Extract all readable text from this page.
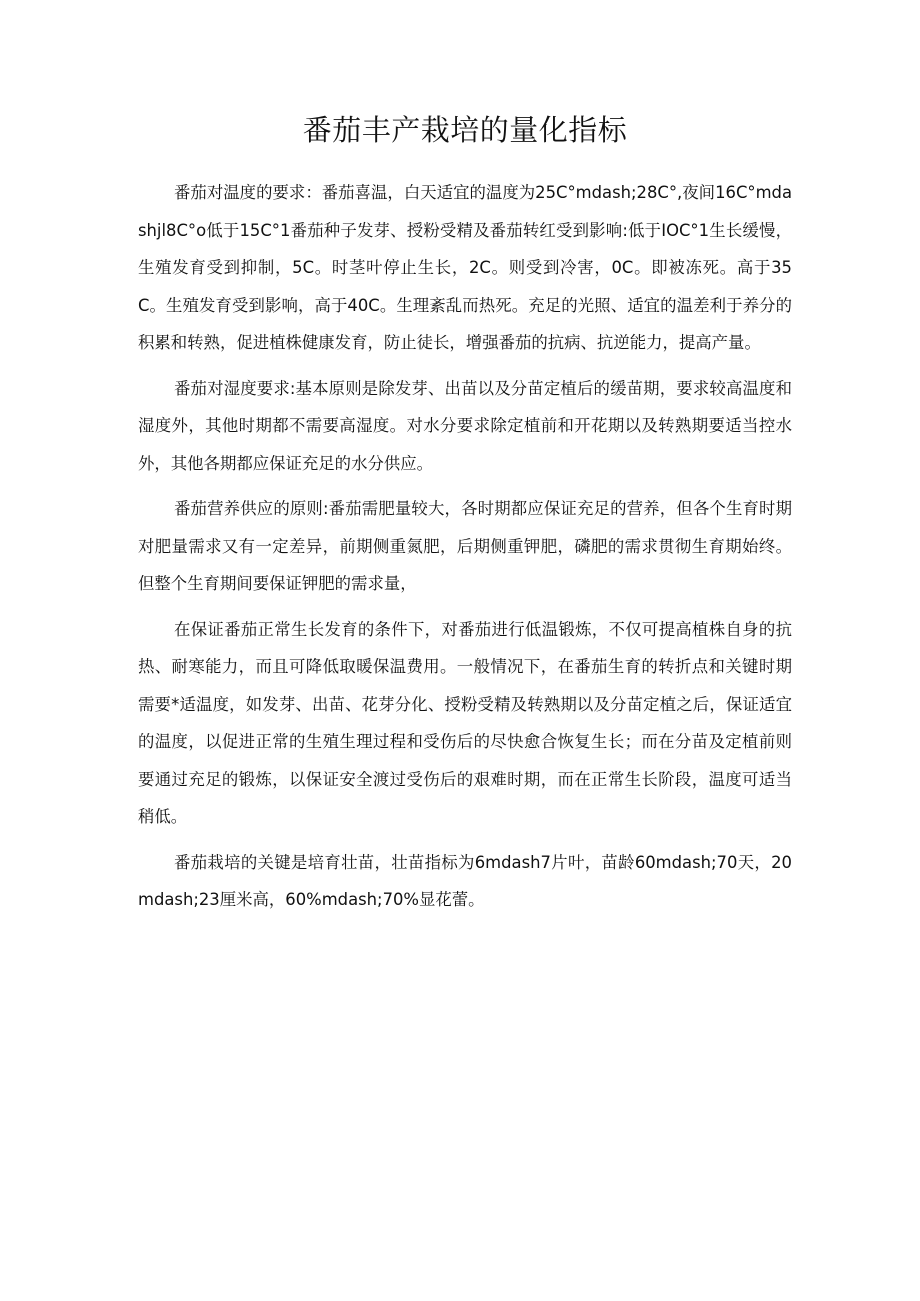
番茄丰产栽培的量化指标

番茄对温度的要求：番茄喜温，白天适宜的温度为25C°mdash;28C°,夜间16C°mdashjl8C°o低于15C°1番茄种子发芽、授粉受精及番茄转红受到影响:低于IOC°1生长缓慢，生殖发育受到抑制，5C。时茎叶停止生长，2C。则受到冷害，0C。即被冻死。高于35C。生殖发育受到影响，高于40C。生理紊乱而热死。充足的光照、适宜的温差利于养分的积累和转熟，促进植株健康发育，防止徒长，增强番茄的抗病、抗逆能力，提高产量。

番茄对湿度要求:基本原则是除发芽、出苗以及分苗定植后的缓苗期，要求较高温度和湿度外，其他时期都不需要高湿度。对水分要求除定植前和开花期以及转熟期要适当控水外，其他各期都应保证充足的水分供应。

番茄营养供应的原则:番茄需肥量较大，各时期都应保证充足的营养，但各个生育时期对肥量需求又有一定差异，前期侧重氮肥，后期侧重钾肥，磷肥的需求贯彻生育期始终。但整个生育期间要保证钾肥的需求量，

在保证番茄正常生长发育的条件下，对番茄进行低温锻炼，不仅可提高植株自身的抗热、耐寒能力，而且可降低取暖保温费用。一般情况下，在番茄生育的转折点和关键时期需要*适温度，如发芽、出苗、花芽分化、授粉受精及转熟期以及分苗定植之后，保证适宜的温度，以促进正常的生殖生理过程和受伤后的尽快愈合恢复生长；而在分苗及定植前则要通过充足的锻炼，以保证安全渡过受伤后的艰难时期，而在正常生长阶段，温度可适当稍低。

番茄栽培的关键是培育壮苗，壮苗指标为6mdash7片叶，苗龄60mdash;70天，20mdash;23厘米高，60%mdash;70%显花蕾。
